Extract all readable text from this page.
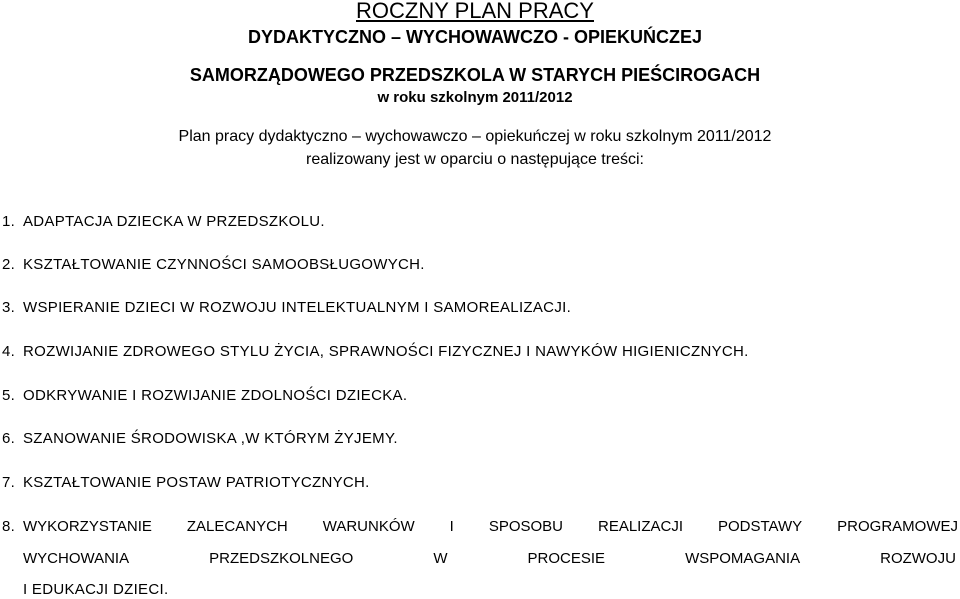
ROCZNY PLAN PRACY
DYDAKTYCZNO – WYCHOWAWCZO - OPIEKUŃCZEJ
SAMORZĄDOWEGO PRZEDSZKOLA W STARYCH PIEŚCIROGACH
w roku szkolnym 2011/2012
Plan pracy dydaktyczno – wychowawczo – opiekuńczej w roku szkolnym 2011/2012
realizowany jest w oparciu o następujące treści:
1. ADAPTACJA DZIECKA W PRZEDSZKOLU.
2. KSZTAŁTOWANIE CZYNNOŚCI SAMOOBSŁUGOWYCH.
3. WSPIERANIE DZIECI W ROZWOJU INTELEKTUALNYM I SAMOREALIZACJI.
4. ROZWIJANIE ZDROWEGO STYLU ŻYCIA, SPRAWNOŚCI FIZYCZNEJ I NAWYKÓW HIGIENICZNYCH.
5. ODKRYWANIE I ROZWIJANIE ZDOLNOŚCI DZIECKA.
6. SZANOWANIE ŚRODOWISKA ,W KTÓRYM ŻYJEMY.
7. KSZTAŁTOWANIE POSTAW PATRIOTYCZNYCH.
8. WYKORZYSTANIE ZALECANYCH WARUNKÓW I SPOSOBU REALIZACJI PODSTAWY PROGRAMOWEJ
WYCHOWANIA	PRZEDSZKOLNEGO	W	PROCESIE	WSPOMAGANIA	ROZWOJU
I EDUKACJI DZIECI.
